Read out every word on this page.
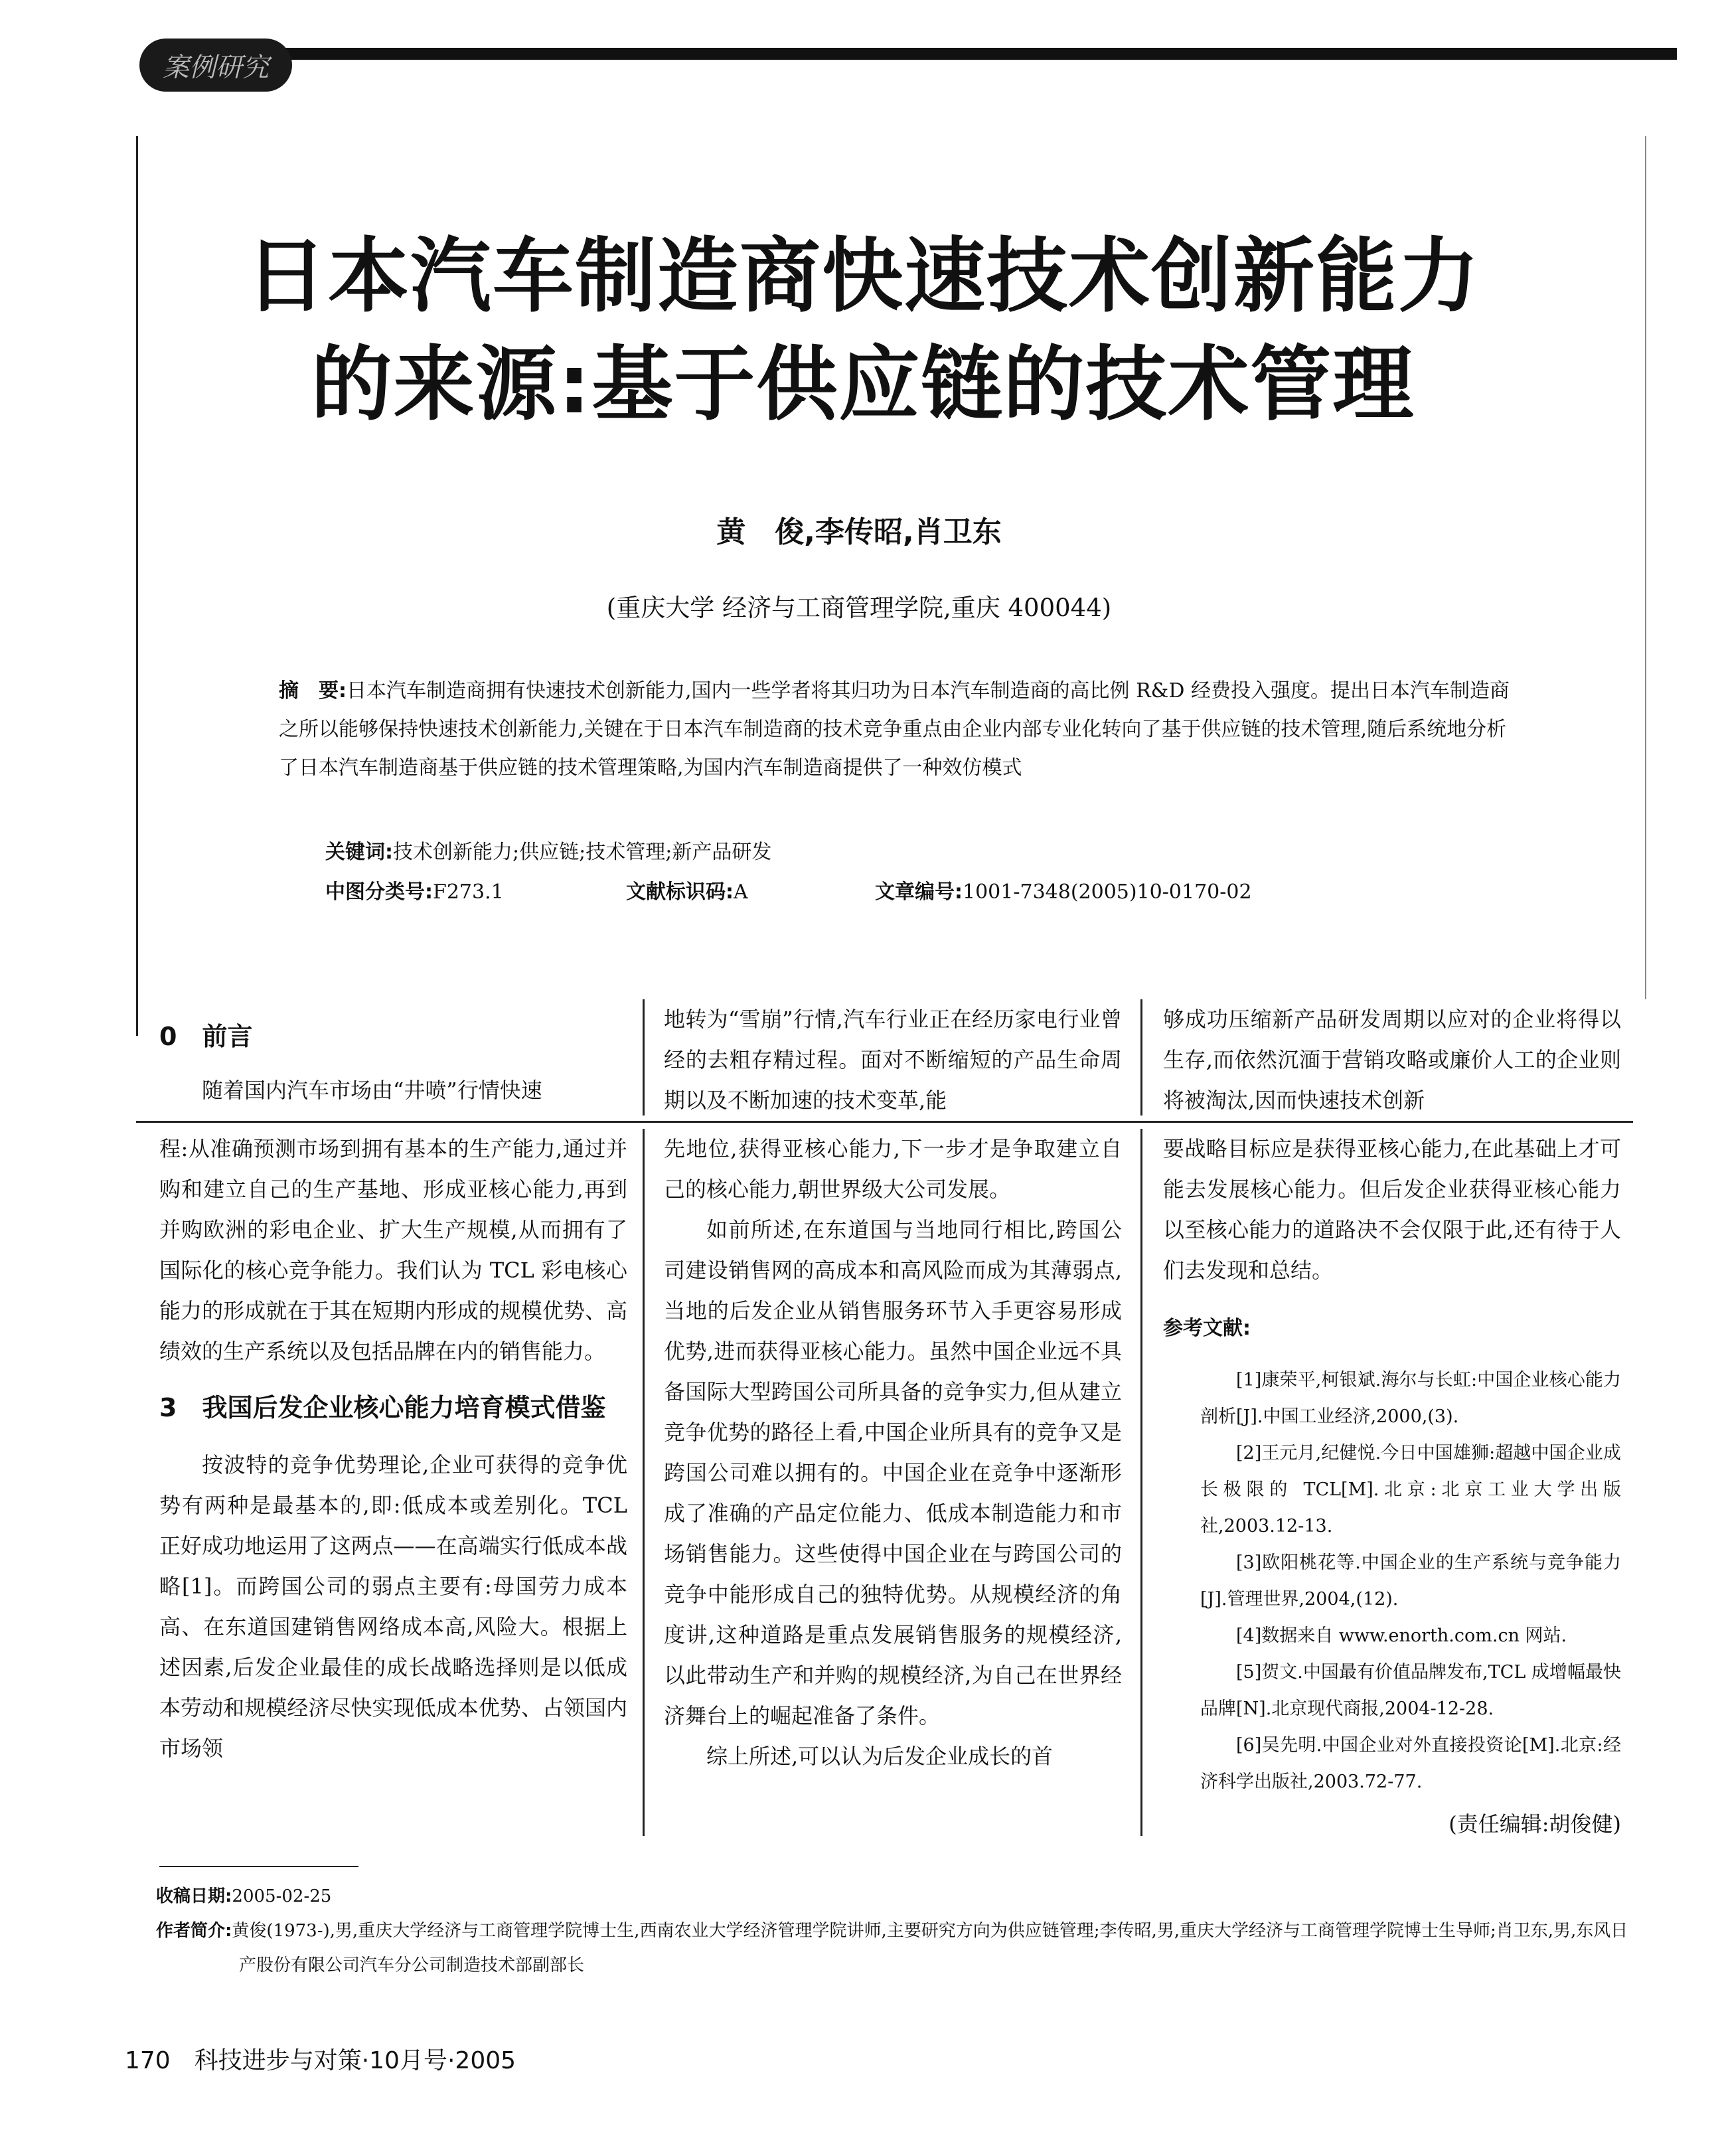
案例研究
日本汽车制造商快速技术创新能力
的来源:基于供应链的技术管理
黄　俊,李传昭,肖卫东
(重庆大学 经济与工商管理学院,重庆 400044)
摘　要:日本汽车制造商拥有快速技术创新能力,国内一些学者将其归功为日本汽车制造商的高比例 R&D 经费投入强度。提出日本汽车制造商之所以能够保持快速技术创新能力,关键在于日本汽车制造商的技术竞争重点由企业内部专业化转向了基于供应链的技术管理,随后系统地分析了日本汽车制造商基于供应链的技术管理策略,为国内汽车制造商提供了一种效仿模式
关键词:技术创新能力;供应链;技术管理;新产品研发
中图分类号:F273.1	文献标识码:A	文章编号:1001-7348(2005)10-0170-02
0　前言

随着国内汽车市场由“井喷”行情快速

地转为“雪崩”行情,汽车行业正在经历家电行业曾经的去粗存精过程。面对不断缩短的产品生命周期以及不断加速的技术变革,能

够成功压缩新产品研发周期以应对的企业将得以生存,而依然沉湎于营销攻略或廉价人工的企业则将被淘汰,因而快速技术创新

程:从准确预测市场到拥有基本的生产能力,通过并购和建立自己的生产基地、形成亚核心能力,再到并购欧洲的彩电企业、扩大生产规模,从而拥有了国际化的核心竞争能力。我们认为 TCL 彩电核心能力的形成就在于其在短期内形成的规模优势、高绩效的生产系统以及包括品牌在内的销售能力。

3　我国后发企业核心能力培育模式借鉴

按波特的竞争优势理论,企业可获得的竞争优势有两种是最基本的,即:低成本或差别化。TCL 正好成功地运用了这两点——在高端实行低成本战略[1]。而跨国公司的弱点主要有:母国劳力成本高、在东道国建销售网络成本高,风险大。根据上述因素,后发企业最佳的成长战略选择则是以低成本劳动和规模经济尽快实现低成本优势、占领国内市场领

先地位,获得亚核心能力,下一步才是争取建立自己的核心能力,朝世界级大公司发展。

如前所述,在东道国与当地同行相比,跨国公司建设销售网的高成本和高风险而成为其薄弱点,当地的后发企业从销售服务环节入手更容易形成优势,进而获得亚核心能力。虽然中国企业远不具备国际大型跨国公司所具备的竞争实力,但从建立竞争优势的路径上看,中国企业所具有的竞争又是跨国公司难以拥有的。中国企业在竞争中逐渐形成了准确的产品定位能力、低成本制造能力和市场销售能力。这些使得中国企业在与跨国公司的竞争中能形成自己的独特优势。从规模经济的角度讲,这种道路是重点发展销售服务的规模经济,以此带动生产和并购的规模经济,为自己在世界经济舞台上的崛起准备了条件。

综上所述,可以认为后发企业成长的首

要战略目标应是获得亚核心能力,在此基础上才可能去发展核心能力。但后发企业获得亚核心能力以至核心能力的道路决不会仅限于此,还有待于人们去发现和总结。

参考文献:

[1]康荣平,柯银斌.海尔与长虹:中国企业核心能力剖析[J].中国工业经济,2000,(3).

[2]王元月,纪健悦.今日中国雄狮:超越中国企业成长极限的 TCL[M].北京:北京工业大学出版社,2003.12-13.

[3]欧阳桃花等.中国企业的生产系统与竞争能力[J].管理世界,2004,(12).

[4]数据来自 www.enorth.com.cn 网站.

[5]贺文.中国最有价值品牌发布,TCL 成增幅最快品牌[N].北京现代商报,2004-12-28.

[6]吴先明.中国企业对外直接投资论[M].北京:经济科学出版社,2003.72-77.

(责任编辑:胡俊健)
收稿日期:2005-02-25
作者简介:黄俊(1973-),男,重庆大学经济与工商管理学院博士生,西南农业大学经济管理学院讲师,主要研究方向为供应链管理;李传昭,男,重庆大学经济与工商管理学院博士生导师;肖卫东,男,东风日产股份有限公司汽车分公司制造技术部副部长
170　科技进步与对策·10月号·2005
